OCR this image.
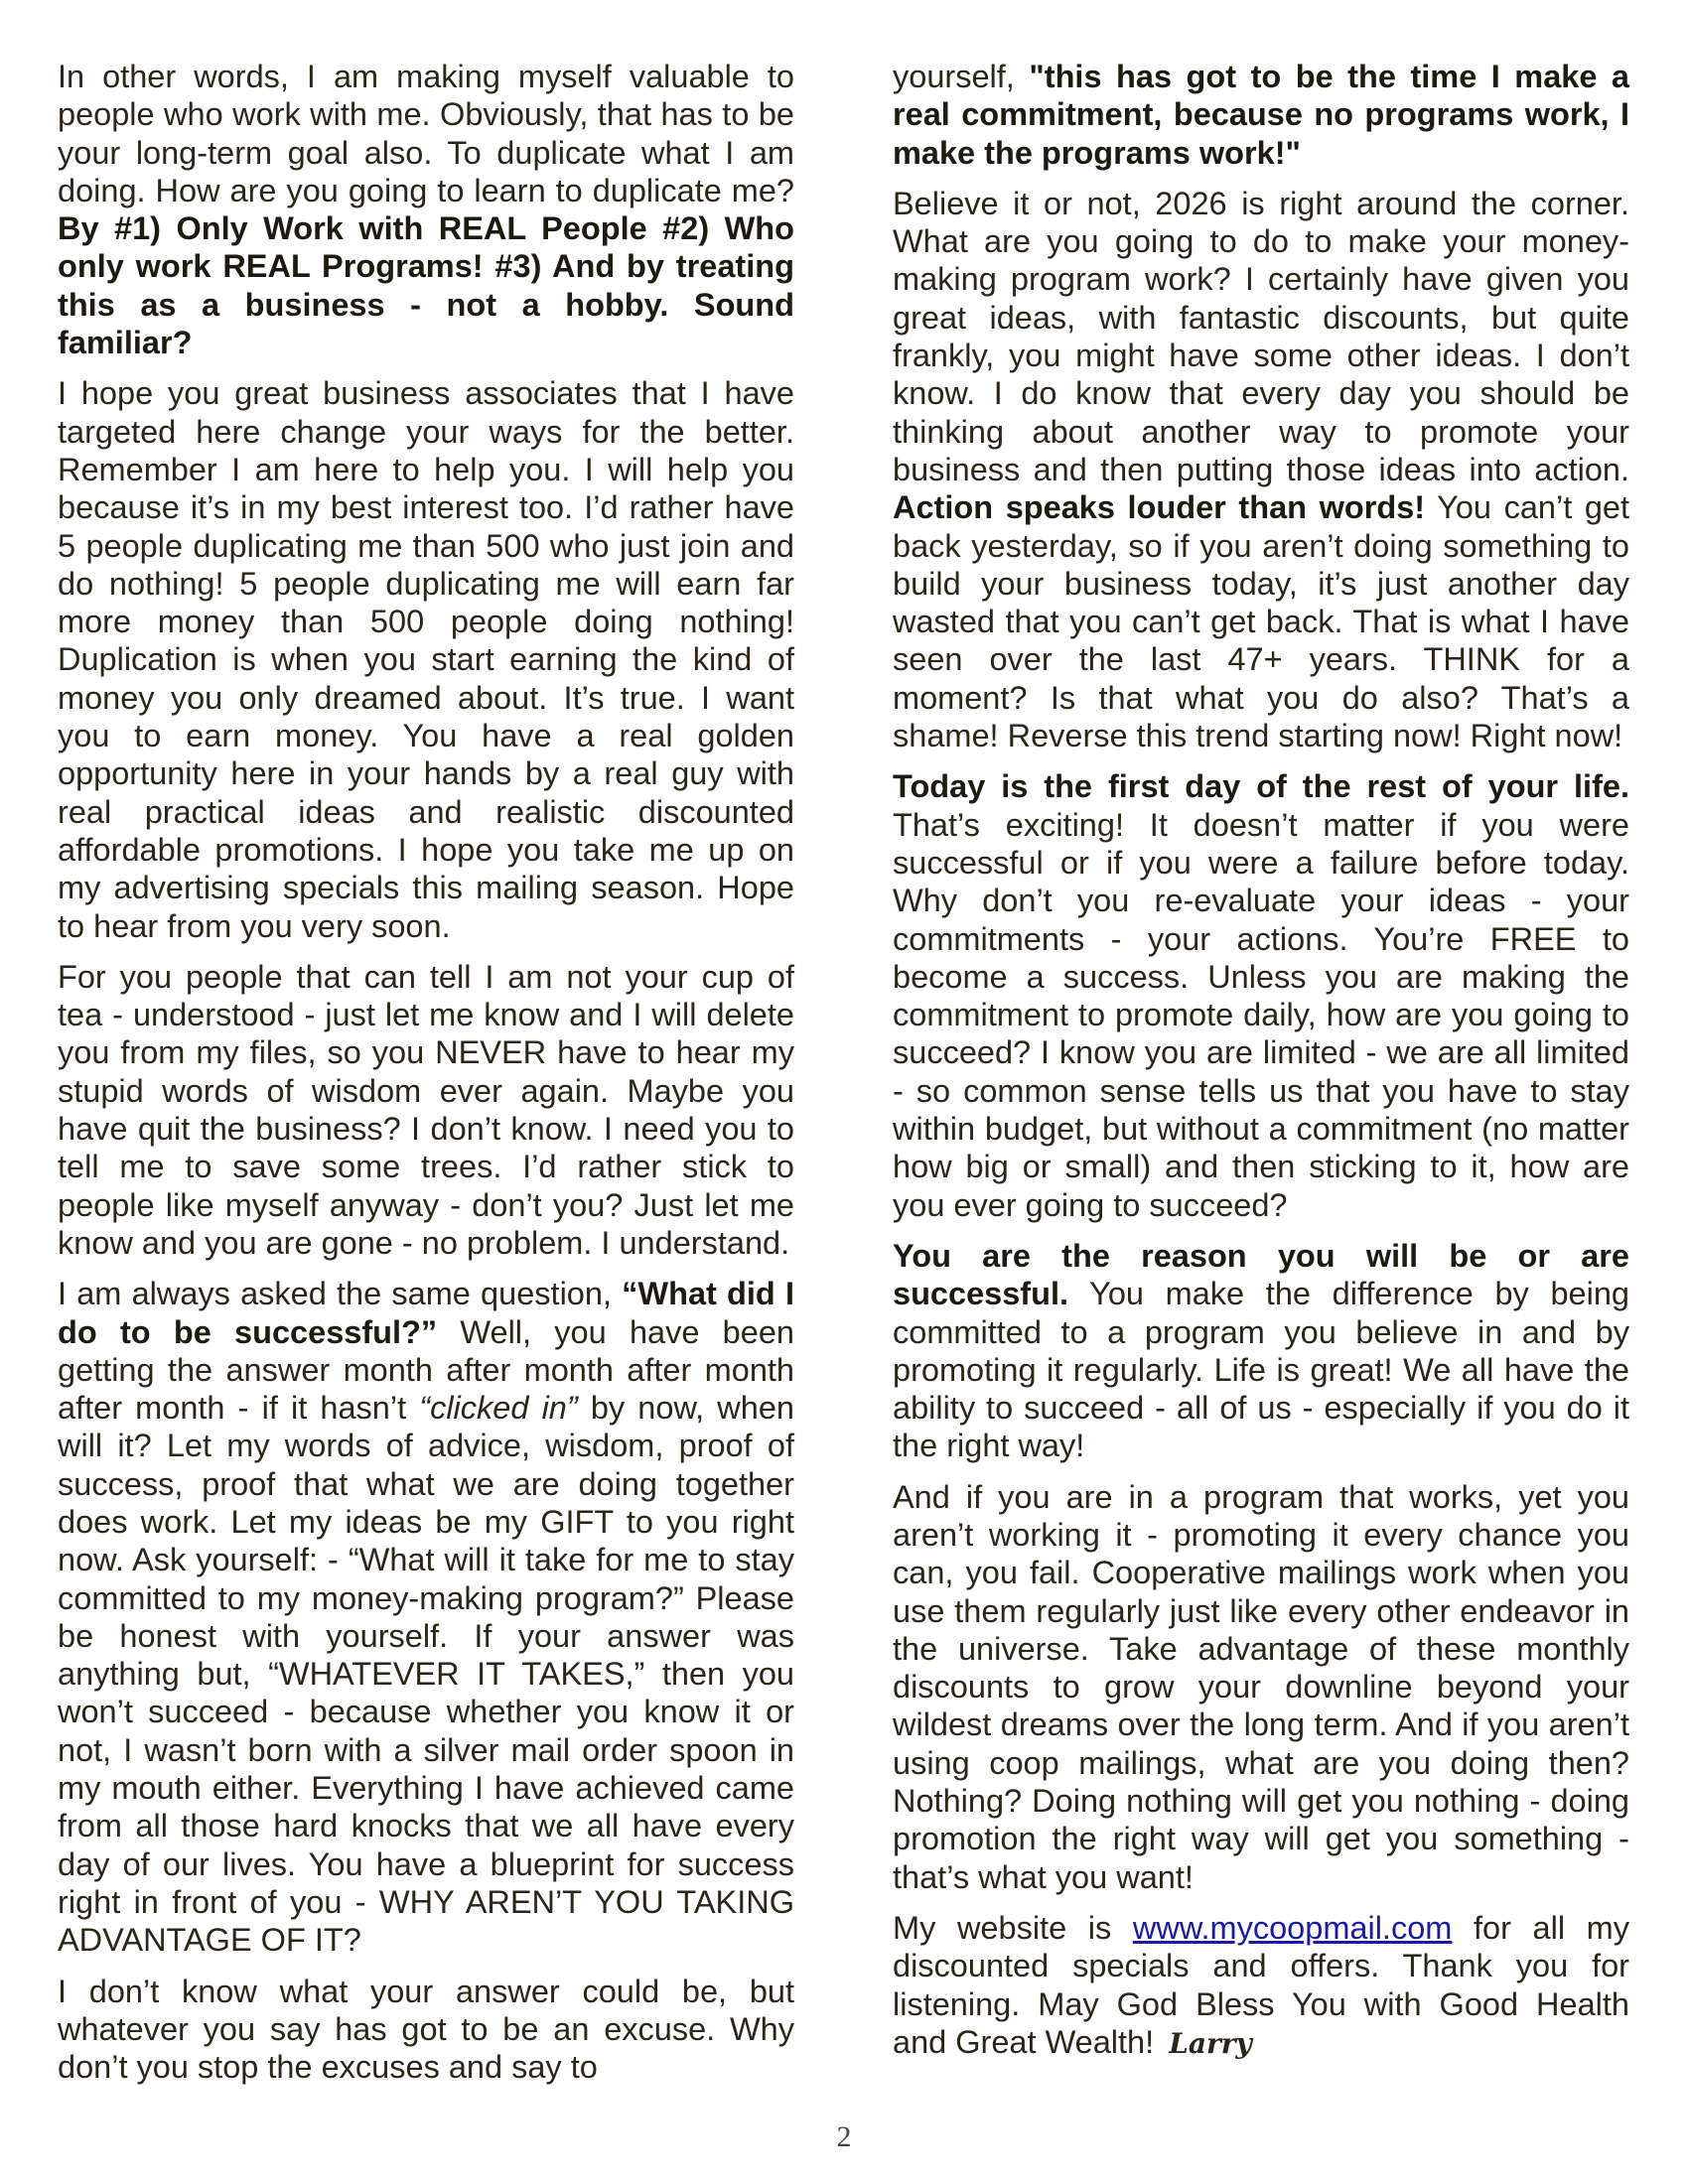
In other words, I am making myself valuable to people who work with me. Obviously, that has to be your long-term goal also. To duplicate what I am doing. How are you going to learn to duplicate me? By #1) Only Work with REAL People #2) Who only work REAL Programs! #3) And by treating this as a business - not a hobby. Sound familiar?

I hope you great business associates that I have targeted here change your ways for the better. Remember I am here to help you. I will help you because it’s in my best interest too. I’d rather have 5 people duplicating me than 500 who just join and do nothing! 5 people duplicating me will earn far more money than 500 people doing nothing! Duplication is when you start earning the kind of money you only dreamed about. It’s true. I want you to earn money. You have a real golden opportunity here in your hands by a real guy with real practical ideas and realistic discounted affordable promotions. I hope you take me up on my advertising specials this mailing season. Hope to hear from you very soon.

For you people that can tell I am not your cup of tea - understood - just let me know and I will delete you from my files, so you NEVER have to hear my stupid words of wisdom ever again. Maybe you have quit the business? I don’t know. I need you to tell me to save some trees. I’d rather stick to people like myself anyway - don’t you? Just let me know and you are gone - no problem. I understand.

I am always asked the same question, “What did I do to be successful?” Well, you have been getting the answer month after month after month after month - if it hasn’t “clicked in” by now, when will it? Let my words of advice, wisdom, proof of success, proof that what we are doing together does work. Let my ideas be my GIFT to you right now. Ask yourself: - “What will it take for me to stay committed to my money-making program?” Please be honest with yourself. If your answer was anything but, “WHATEVER IT TAKES,” then you won’t succeed - because whether you know it or not, I wasn’t born with a silver mail order spoon in my mouth either. Everything I have achieved came from all those hard knocks that we all have every day of our lives. You have a blueprint for success right in front of you - WHY AREN’T YOU TAKING ADVANTAGE OF IT?

I don’t know what your answer could be, but whatever you say has got to be an excuse. Why don’t you stop the excuses and say to

yourself, "this has got to be the time I make a real commitment, because no programs work, I make the programs work!"

Believe it or not, 2026 is right around the corner. What are you going to do to make your money-making program work? I certainly have given you great ideas, with fantastic discounts, but quite frankly, you might have some other ideas. I don’t know. I do know that every day you should be thinking about another way to promote your business and then putting those ideas into action. Action speaks louder than words! You can’t get back yesterday, so if you aren’t doing something to build your business today, it’s just another day wasted that you can’t get back. That is what I have seen over the last 47+ years. THINK for a moment? Is that what you do also? That’s a shame! Reverse this trend starting now! Right now!

Today is the first day of the rest of your life. That’s exciting! It doesn’t matter if you were successful or if you were a failure before today. Why don’t you re-evaluate your ideas - your commitments - your actions. You’re FREE to become a success. Unless you are making the commitment to promote daily, how are you going to succeed? I know you are limited - we are all limited - so common sense tells us that you have to stay within budget, but without a commitment (no matter how big or small) and then sticking to it, how are you ever going to succeed?

You are the reason you will be or are successful. You make the difference by being committed to a program you believe in and by promoting it regularly. Life is great! We all have the ability to succeed - all of us - especially if you do it the right way!

And if you are in a program that works, yet you aren’t working it - promoting it every chance you can, you fail. Cooperative mailings work when you use them regularly just like every other endeavor in the universe. Take advantage of these monthly discounts to grow your downline beyond your wildest dreams over the long term. And if you aren’t using coop mailings, what are you doing then? Nothing? Doing nothing will get you nothing - doing promotion the right way will get you something - that’s what you want!

My website is www.mycoopmail.com for all my discounted specials and offers. Thank you for listening. May God Bless You with Good Health and Great Wealth! Larry

2
